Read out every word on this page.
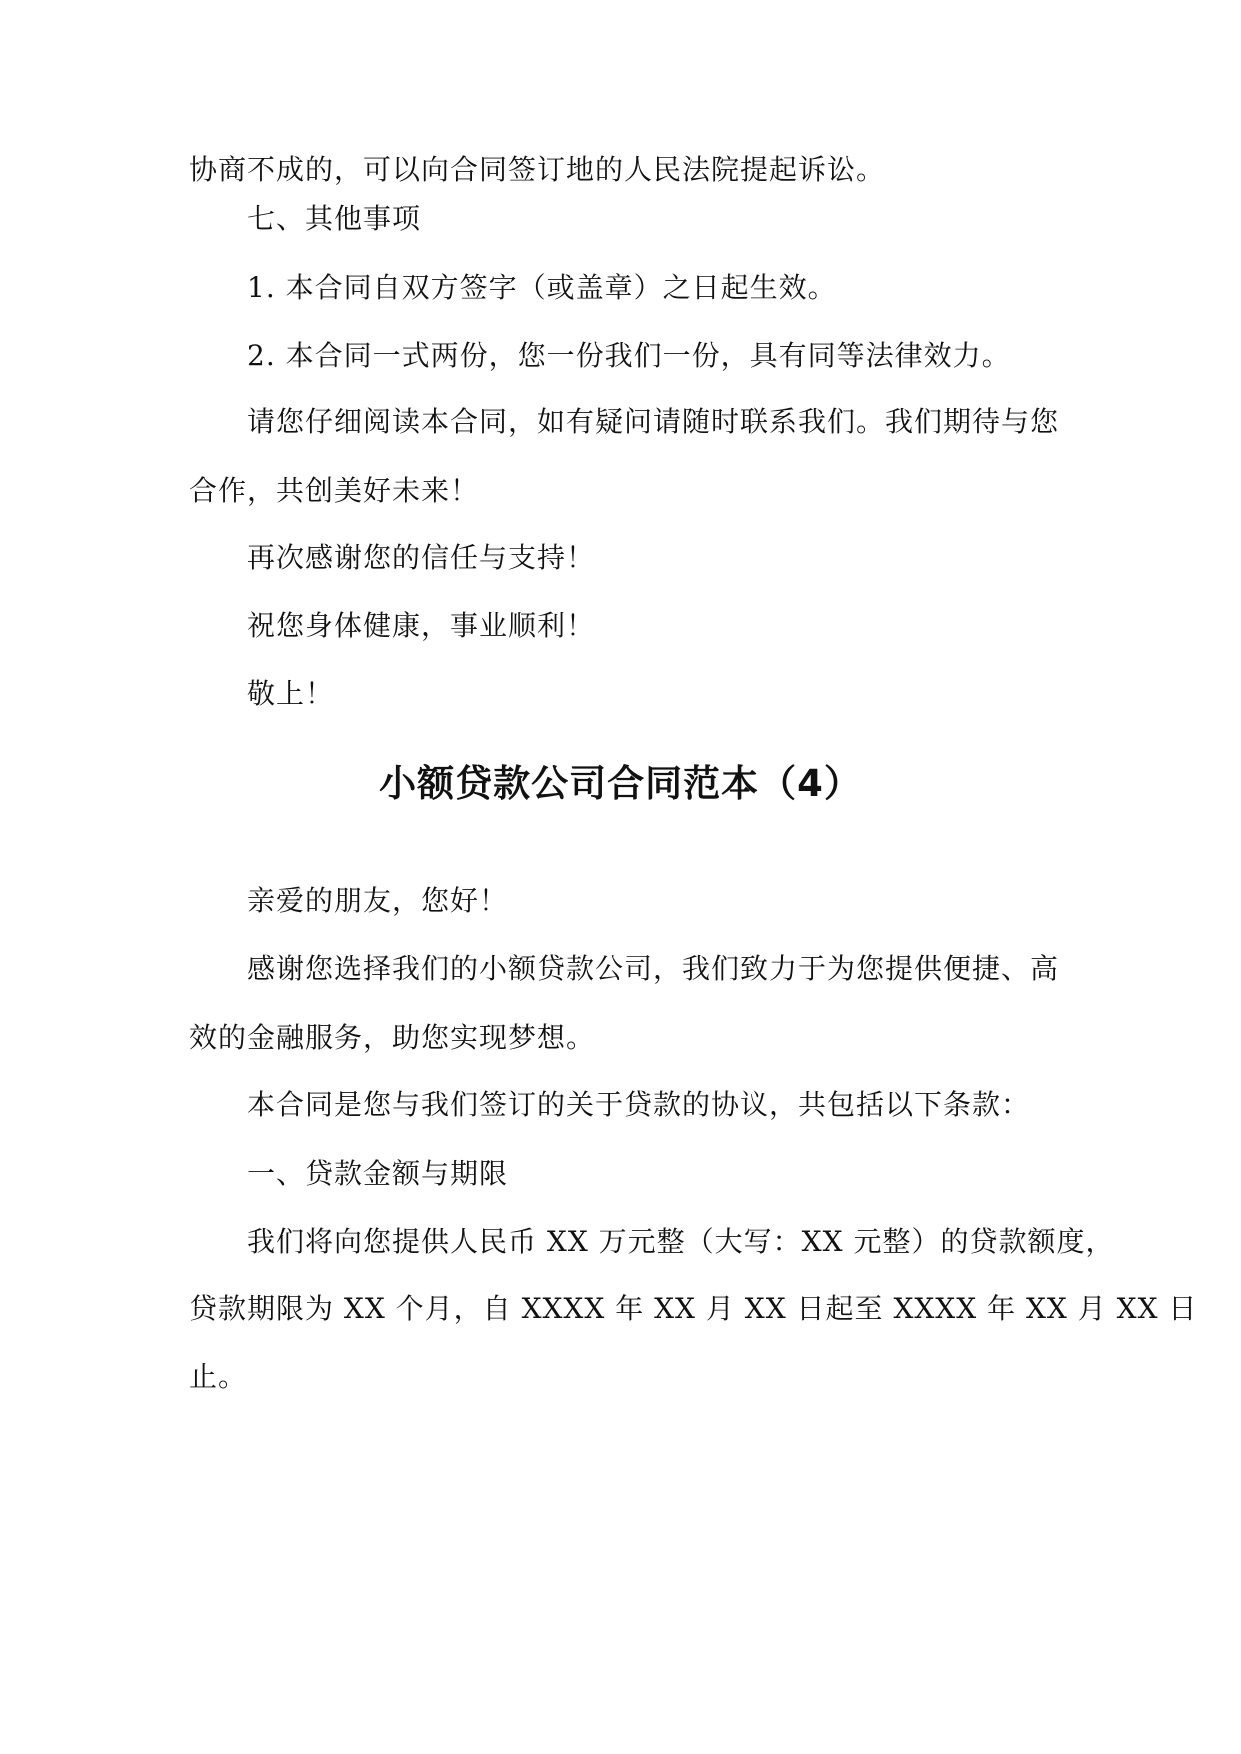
协商不成的，可以向合同签订地的人民法院提起诉讼。
七、其他事项
1. 本合同自双方签字（或盖章）之日起生效。
2. 本合同一式两份，您一份我们一份，具有同等法律效力。
请您仔细阅读本合同，如有疑问请随时联系我们。我们期待与您
合作，共创美好未来！
再次感谢您的信任与支持！
祝您身体健康，事业顺利！
敬上！
小额贷款公司合同范本（4）
亲爱的朋友，您好！
感谢您选择我们的小额贷款公司，我们致力于为您提供便捷、高
效的金融服务，助您实现梦想。
本合同是您与我们签订的关于贷款的协议，共包括以下条款：
一、贷款金额与期限
我们将向您提供人民币 XX 万元整（大写：XX 元整）的贷款额度，
贷款期限为 XX 个月，自 XXXX 年 XX 月 XX 日起至 XXXX 年 XX 月 XX 日
止。
